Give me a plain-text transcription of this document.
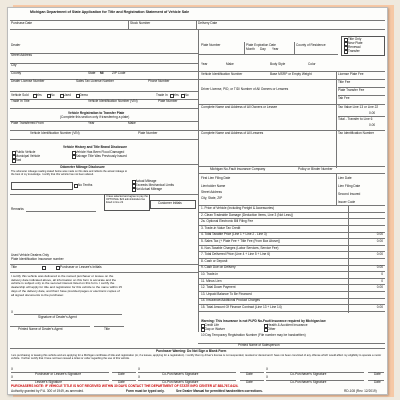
Michigan Department of State Application for Title and Registration Statement of Vehicle Sale
Purchase Date	Stock Number	Delivery Date
Title Only
New Plate
Renewal
Transfer
Dealer
Street Address
City
County	State MI	ZIP Code
Dealer License Number	Sales Tax License Number	Phone Number
Vehicle Sold Yes	No	Used	Demo	Trade In Yes No
Trade In Title	Vehicle Identification Number (VIN)	Plate Number
Vehicle Registration to Transfer Plate
(Complete this section only if transferring a plate)
Plate Transferred From	Year	Make
Vehicle Identification Number (VIN)	Plate Number
Vehicle History and Title Brand Disclosure
Public Vehicle
Municipal Vehicle
Taxi
Vehicle Has Been Flood Damaged
Salvage Title Was Previously Issued
Odometer Mileage Disclosure
The odometer mileage reading stated below was made on this date and reflects the actual mileage to the best of my knowledge. I certify that this vehicle has not been altered.
No Tenths
Actual Mileage
Exceeds Mechanical Limits
Not Actual Mileage
Remarks
I have selected and agree to pay the OPTIONAL $24 administrative fee listed in line 22	Customer Initials
Used Vehicle Dealers Only
Plate Identification Insurance number
Title	Purchaser or Lessee's Initials
I certify this vehicle was delivered to the named purchaser or lessee on the delivery date indicated above, all information on this form is accurate and the vehicle is subject only to the secured interest listed on this form. I certify the dealership will apply for title and registration for this vehicle to the name within 15 days of the delivery date, and that I have provided pages or electronic copies of all signed documents to the purchaser.
X
Signature of Dealer's Agent
Printed Name of Dealer's Agent	Title
Plate Number	Plate Expiration Date
Month Day Year
County of Residence
Year	Make	Body Style	Color
Vehicle Identification Number	Base MSRP or Empty Weight	License Plate Fee
Title Fee
Driver License, PID, or TID/ Number of All Owners or Lessees	Plate Transfer Fee
Tab Fee
Complete Name and Address of All Owners or Lessee	Tax Value Line 13 or Line 22
0.00
Total - Transfer to Line 6
0.00
Complete Name and Address of All Lessees	Tax Identification Number
Michigan No-Fault Insurance Company	Policy or Binder Number
First Lien Filing Date
Lienholder Name
Street Address
City, State, ZIP
Lien Date
Lien Filing Date
Second Insured
Issuer Code
1. Price of Vehicle (Including Freight & Accessories)
2. Clean Tradeable Damage (Deduction Items, Line 3 (Not Less))
2a. Optional Electronic Bill Filing Fee
3. Trade-in Value Tax Credit
4. Total Taxable Price (Line 1 + Line 2 - Line 3)	0.00
5. Sales Tax (+ Plate Fee + Title Fee (From Box Above))	0.00
6. Non-Taxable Charges (Labor Services, Service Fee)
7. Total Delivered Price (Line 4 + Line 5 + Line 6)	0.00
8. Cash or Deposit
9. Cash Due on Delivery	0.00
10. Trade-in	0
11. Minus Lien	0
12. Total Down Payment	0.00
13. Unpaid Balance To Be Financed
14. Insurance/Additional Product Charges
15. Total Amount Of Finance Contract (Line 13 + Line 14)	0.00
Warning: This Insurance is not PLPD No-Fault Insurance required by Michigan law
Credit Life	Health & Accident Insurance
Gap or Waiver	Other
10 Day Temporary Registration Number (File number may be handwritten)
Printed Name of Salesperson
Purchaser Warning: Do Not Sign a Blank Form
I am purchasing or leasing this vehicle and am applying for a Michigan certificate of title and registration (or, if a lessee, applying for a registration). I certify that my driver's license is not suspended, revoked or denied and I have not been convicted of any offense which would affect my eligibility to operate a motor vehicle. I further certify that I have not been issued a ticket or order regarding the use of this vehicle.
X
Purchaser or Lessee's Signature	Date
X
Co-Purchaser's Signature	Date
X
Co-Purchaser's Signature	Date
X
Lessee's Signature	Date
X
Co-Purchaser's Signature	Date
X
Co-Purchaser's Signature	Date
PURCHASERS NOTE: IF VEHICLE TITLE IS NOT RECEIVED WITHIN 30 DAYS CONTACT THE DEPARTMENT OF STATE INFO CENTER AT 888-767-6424.
Authority granted by P.A. 300 of 1949, as amended.	Form must be typed only.	See Dealer Manual for permitted handwritten corrections.	RD-108 (Rev. 12/2019)
